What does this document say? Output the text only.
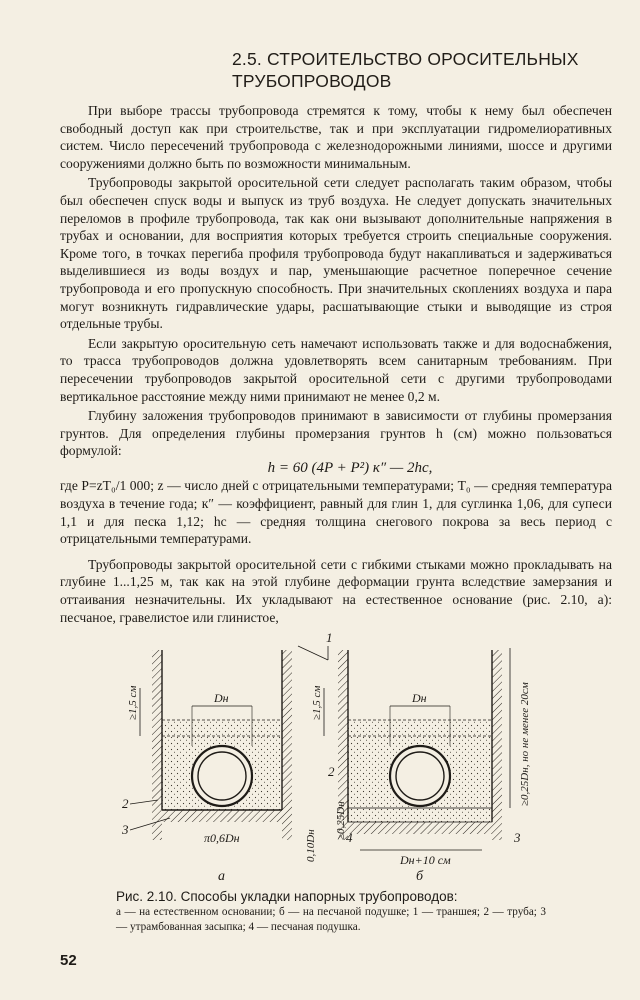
2.5. СТРОИТЕЛЬСТВО ОРОСИТЕЛЬНЫХ
ТРУБОПРОВОДОВ

При выборе трассы трубопровода стремятся к тому, чтобы к нему был обеспечен свободный доступ как при строительстве, так и при эксплуатации гидромелиоративных систем. Число пересечений трубопровода с железнодорожными линиями, шоссе и другими сооружениями должно быть по возможности минимальным.

Трубопроводы закрытой оросительной сети следует располагать таким образом, чтобы был обеспечен спуск воды и выпуск из труб воздуха. Не следует допускать значительных переломов в профиле трубопровода, так как они вызывают дополнительные напряжения в трубах и основании, для восприятия которых требуется строить специальные сооружения. Кроме того, в точках перегиба профиля трубопровода будут накапливаться и задерживаться выделившиеся из воды воздух и пар, уменьшающие расчетное поперечное сечение трубопровода и его пропускную способность. При значительных скоплениях воздуха и пара могут возникнуть гидравлические удары, расшатывающие стыки и выводящие из строя отдельные трубы.

Если закрытую оросительную сеть намечают использовать также и для водоснабжения, то трасса трубопроводов должна удовлетворять всем санитарным требованиям. При пересечении трубопроводов закрытой оросительной сети с другими трубопроводами вертикальное расстояние между ними принимают не менее 0,2 м.

Глубину заложения трубопроводов принимают в зависимости от глубины промерзания грунтов. Для определения глубины промерзания грунтов h (см) можно пользоваться формулой:

h = 60 (4P + P²) к″ — 2hc,

где P=zT₀/1 000; z — число дней с отрицательными температурами; T₀ — средняя температура воздуха в течение года; к″ — коэффициент, равный для глин 1, для суглинка 1,06, для супеси 1,1 и для песка 1,12; hc — средняя толщина снегового покрова за весь период с отрицательными температурами.

Трубопроводы закрытой оросительной сети с гибкими стыками можно прокладывать на глубине 1...1,25 м, так как на этой глубине деформации грунта вследствие замерзания и оттаивания незначительны. Их укладывают на естественное основание (рис. 2.10, а): песчаное, гравелистое или глинистое,

1
2
3
2
4	3
Dн	Dн
≥1,5 см	≥1,5 см
π0,6Dн	0,10Dн
≥0,25Dн
Dн+10 см
≥0,25Dн, но не менее 20см
а	б
Рис. 2.10. Способы укладки напорных трубопроводов:
а — на естественном основании; б — на песчаной подушке; 1 — траншея; 2 — труба; 3 — утрамбованная засыпка; 4 — песчаная подушка.
52
